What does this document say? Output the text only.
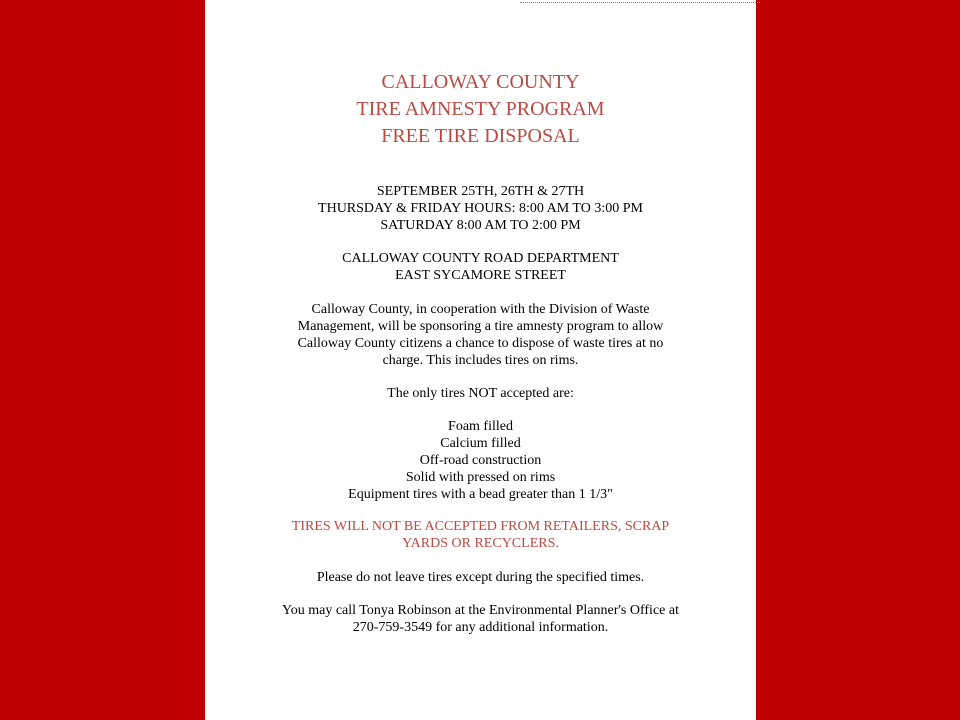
CALLOWAY COUNTY
TIRE AMNESTY PROGRAM
FREE TIRE DISPOSAL
SEPTEMBER 25TH, 26TH & 27TH
THURSDAY & FRIDAY HOURS: 8:00 AM TO 3:00 PM
SATURDAY 8:00 AM TO 2:00 PM
CALLOWAY COUNTY ROAD DEPARTMENT
EAST SYCAMORE STREET
Calloway County, in cooperation with the Division of Waste
Management, will be sponsoring a tire amnesty program to allow
Calloway County citizens a chance to dispose of waste tires at no
charge. This includes tires on rims.
The only tires NOT accepted are:
Foam filled
Calcium filled
Off-road construction
Solid with pressed on rims
Equipment tires with a bead greater than 1 1/3"
TIRES WILL NOT BE ACCEPTED FROM RETAILERS, SCRAP
YARDS OR RECYCLERS.
Please do not leave tires except during the specified times.
You may call Tonya Robinson at the Environmental Planner's Office at
270-759-3549 for any additional information.
